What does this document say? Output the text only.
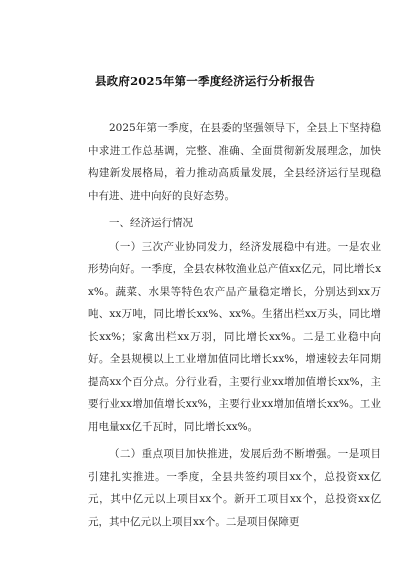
县政府2025年第一季度经济运行分析报告

2025年第一季度，在县委的坚强领导下，全县上下坚持稳中求进工作总基调，完整、准确、全面贯彻新发展理念，加快构建新发展格局，着力推动高质量发展，全县经济运行呈现稳中有进、进中向好的良好态势。

一、经济运行情况

（一）三次产业协同发力，经济发展稳中有进。一是农业形势向好。一季度，全县农林牧渔业总产值xx亿元，同比增长xx%。蔬菜、水果等特色农产品产量稳定增长，分别达到xx万吨、xx万吨，同比增长xx%、xx%。生猪出栏xx万头，同比增长xx%；家禽出栏xx万羽，同比增长xx%。二是工业稳中向好。全县规模以上工业增加值同比增长xx%，增速较去年同期提高xx个百分点。分行业看，主要行业xx增加值增长xx%，主要行业xx增加值增长xx%，主要行业xx增加值增长xx%。工业用电量xx亿千瓦时，同比增长xx%。

（二）重点项目加快推进，发展后劲不断增强。一是项目引建扎实推进。一季度，全县共签约项目xx个，总投资xx亿元，其中亿元以上项目xx个。新开工项目xx个，总投资xx亿元，其中亿元以上项目xx个。二是项目保障更
